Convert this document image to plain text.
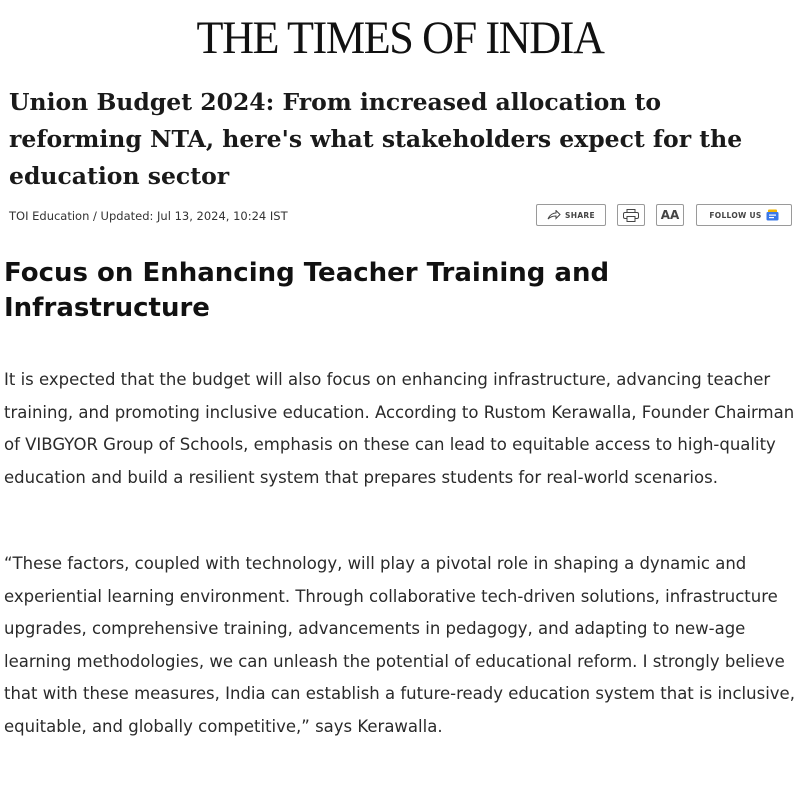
THE TIMES OF INDIA
Union Budget 2024: From increased allocation to reforming NTA, here's what stakeholders expect for the education sector
TOI Education / Updated: Jul 13, 2024, 10:24 IST	SHARE	AA	FOLLOW US
Focus on Enhancing Teacher Training and Infrastructure

It is expected that the budget will also focus on enhancing infrastructure, advancing teacher training, and promoting inclusive education. According to Rustom Kerawalla, Founder Chairman of VIBGYOR Group of Schools, emphasis on these can lead to equitable access to high-quality education and build a resilient system that prepares students for real-world scenarios.

“These factors, coupled with technology, will play a pivotal role in shaping a dynamic and experiential learning environment. Through collaborative tech-driven solutions, infrastructure upgrades, comprehensive training, advancements in pedagogy, and adapting to new-age learning methodologies, we can unleash the potential of educational reform. I strongly believe that with these measures, India can establish a future-ready education system that is inclusive, equitable, and globally competitive,” says Kerawalla.
